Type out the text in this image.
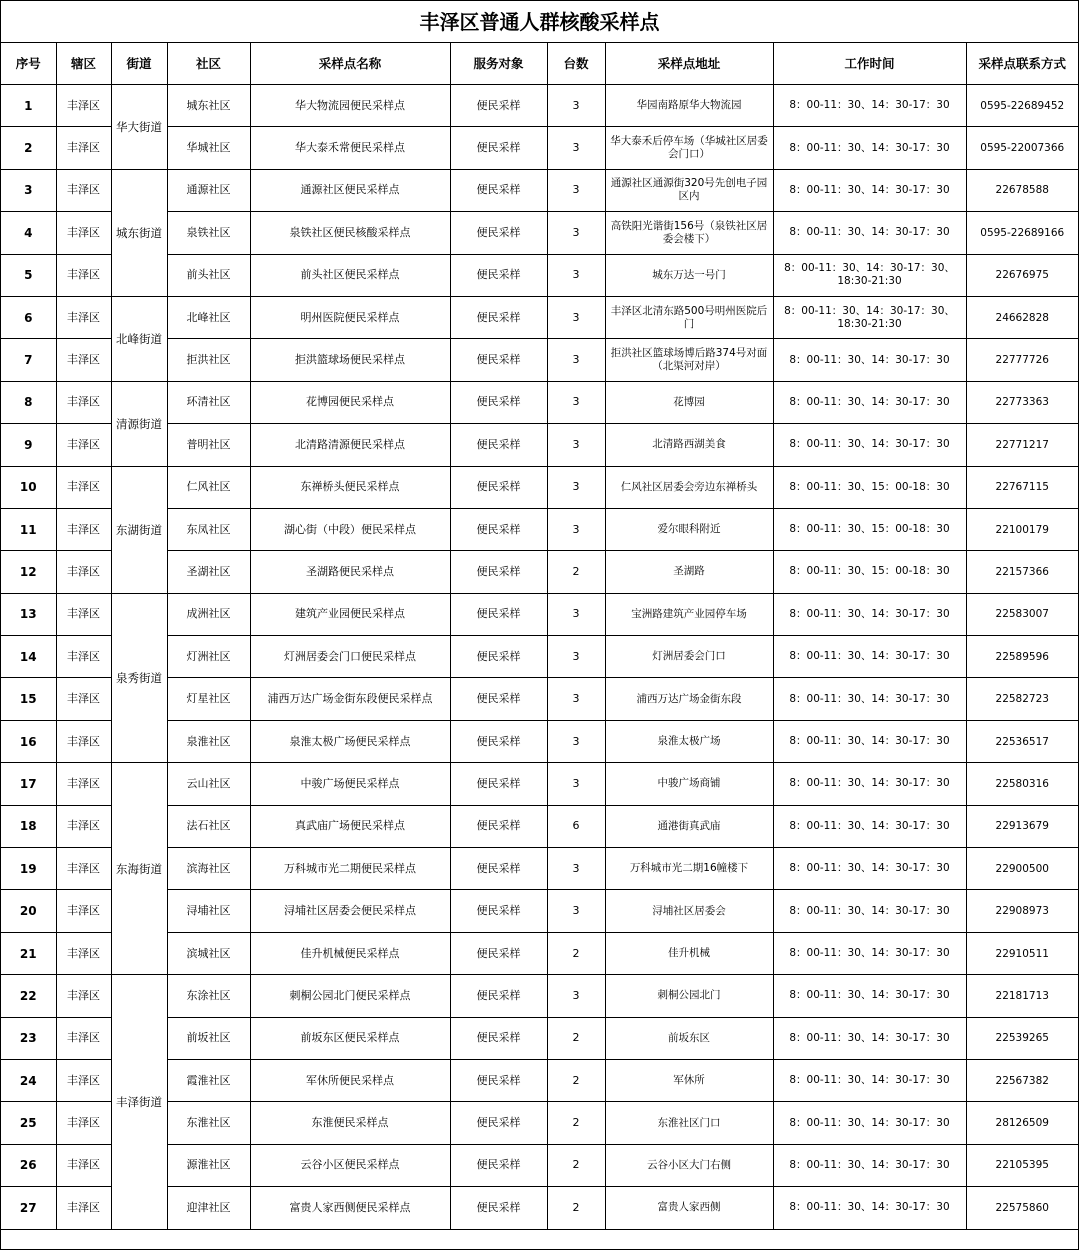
丰泽区普通人群核酸采样点
序号	辖区	街道	社区	采样点名称	服务对象	台数	采样点地址	工作时间	采样点联系方式
1	丰泽区	华大街道	城东社区	华大物流园便民采样点	便民采样	3	华园南路原华大物流园	8：00-11：30、14：30-17：30	0595-22689452
2	丰泽区		华城社区	华大泰禾常便民采样点	便民采样	3	华大泰禾后停车场（华城社区居委会门口）	8：00-11：30、14：30-17：30	0595-22007366
3	丰泽区	城东街道	通源社区	通源社区便民采样点	便民采样	3	通源社区通源街320号先创电子园区内	8：00-11：30、14：30-17：30	22678588
4	丰泽区		泉铁社区	泉铁社区便民核酸采样点	便民采样	3	高铁阳光谐街156号（泉铁社区居委会楼下）	8：00-11：30、14：30-17：30	0595-22689166
5	丰泽区		前头社区	前头社区便民采样点	便民采样	3	城东万达一号门	8：00-11：30、14：30-17：30、18:30-21:30	22676975
6	丰泽区	北峰街道	北峰社区	明州医院便民采样点	便民采样	3	丰泽区北清东路500号明州医院后门	8：00-11：30、14：30-17：30、18:30-21:30	24662828
7	丰泽区		拒洪社区	拒洪篮球场便民采样点	便民采样	3	拒洪社区篮球场博后路374号对面（北渠河对岸）	8：00-11：30、14：30-17：30	22777726
8	丰泽区	清源街道	环清社区	花博园便民采样点	便民采样	3	花博园	8：00-11：30、14：30-17：30	22773363
9	丰泽区		普明社区	北清路清源便民采样点	便民采样	3	北清路西湖美食	8：00-11：30、14：30-17：30	22771217
10	丰泽区	东湖街道	仁风社区	东禅桥头便民采样点	便民采样	3	仁风社区居委会旁边东禅桥头	8：00-11：30、15：00-18：30	22767115
11	丰泽区		东凤社区	湖心街（中段）便民采样点	便民采样	3	爱尔眼科附近	8：00-11：30、15：00-18：30	22100179
12	丰泽区		圣湖社区	圣湖路便民采样点	便民采样	2	圣湖路	8：00-11：30、15：00-18：30	22157366
13	丰泽区	泉秀街道	成洲社区	建筑产业园便民采样点	便民采样	3	宝洲路建筑产业园停车场	8：00-11：30、14：30-17：30	22583007
14	丰泽区		灯洲社区	灯洲居委会门口便民采样点	便民采样	3	灯洲居委会门口	8：00-11：30、14：30-17：30	22589596
15	丰泽区		灯星社区	浦西万达广场金街东段便民采样点	便民采样	3	浦西万达广场金街东段	8：00-11：30、14：30-17：30	22582723
16	丰泽区		泉淮社区	泉淮太极广场便民采样点	便民采样	3	泉淮太极广场	8：00-11：30、14：30-17：30	22536517
17	丰泽区	东海街道	云山社区	中骏广场便民采样点	便民采样	3	中骏广场商铺	8：00-11：30、14：30-17：30	22580316
18	丰泽区		法石社区	真武庙广场便民采样点	便民采样	6	通港街真武庙	8：00-11：30、14：30-17：30	22913679
19	丰泽区		滨海社区	万科城市光二期便民采样点	便民采样	3	万科城市光二期16幢楼下	8：00-11：30、14：30-17：30	22900500
20	丰泽区		浔埔社区	浔埔社区居委会便民采样点	便民采样	3	浔埔社区居委会	8：00-11：30、14：30-17：30	22908973
21	丰泽区		滨城社区	佳升机械便民采样点	便民采样	2	佳升机械	8：00-11：30、14：30-17：30	22910511
22	丰泽区	丰泽街道	东涂社区	刺桐公园北门便民采样点	便民采样	3	刺桐公园北门	8：00-11：30、14：30-17：30	22181713
23	丰泽区		前坂社区	前坂东区便民采样点	便民采样	2	前坂东区	8：00-11：30、14：30-17：30	22539265
24	丰泽区		霞淮社区	军休所便民采样点	便民采样	2	军休所	8：00-11：30、14：30-17：30	22567382
25	丰泽区		东淮社区	东淮便民采样点	便民采样	2	东淮社区门口	8：00-11：30、14：30-17：30	28126509
26	丰泽区		源淮社区	云谷小区便民采样点	便民采样	2	云谷小区大门右侧	8：00-11：30、14：30-17：30	22105395
27	丰泽区		迎津社区	富贵人家西侧便民采样点	便民采样	2	富贵人家西侧	8：00-11：30、14：30-17：30	22575860
